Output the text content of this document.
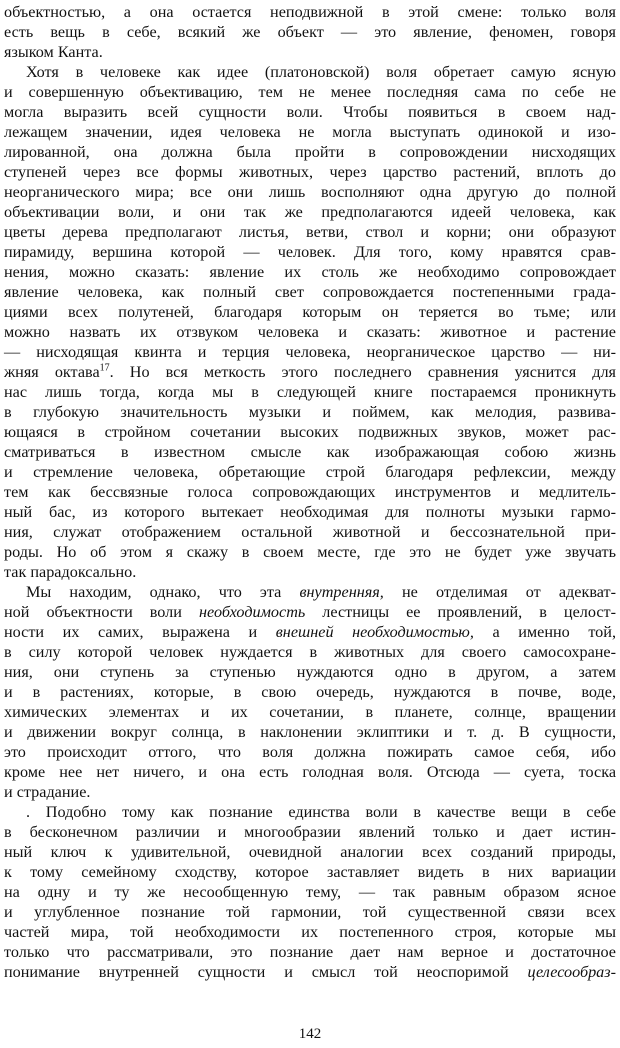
объектностью, а она остается неподвижной в этой смене: только воля
есть вещь в себе, всякий же объект — это явление, феномен, говоря
языком Канта.
Хотя в человеке как идее (платоновской) воля обретает самую ясную
и совершенную объективацию, тем не менее последняя сама по себе не
могла выразить всей сущности воли. Чтобы появиться в своем над-
лежащем значении, идея человека не могла выступать одинокой и изо-
лированной, она должна была пройти в сопровождении нисходящих
ступеней через все формы животных, через царство растений, вплоть до
неорганического мира; все они лишь восполняют одна другую до полной
объективации воли, и они так же предполагаются идеей человека, как
цветы дерева предполагают листья, ветви, ствол и корни; они образуют
пирамиду, вершина которой — человек. Для того, кому нравятся срав-
нения, можно сказать: явление их столь же необходимо сопровождает
явление человека, как полный свет сопровождается постепенными града-
циями всех полутеней, благодаря которым он теряется во тьме; или
можно назвать их отзвуком человека и сказать: животное и растение
— нисходящая квинта и терция человека, неорганическое царство — ни-
жняя октава$^{17}$. Но вся меткость этого последнего сравнения уяснится для
нас лишь тогда, когда мы в следующей книге постараемся проникнуть
в глубокую значительность музыки и поймем, как мелодия, развива-
ющаяся в стройном сочетании высоких подвижных звуков, может рас-
сматриваться в известном смысле как изображающая собою жизнь
и стремление человека, обретающие строй благодаря рефлексии, между
тем как бессвязные голоса сопровождающих инструментов и медлитель-
ный бас, из которого вытекает необходимая для полноты музыки гармо-
ния, служат отображением остальной животной и бессознательной при-
роды. Но об этом я скажу в своем месте, где это не будет уже звучать
так парадоксально.
Мы находим, однако, что эта внутренняя, не отделимая от адекват-
ной объектности воли необходимость лестницы ее проявлений, в целост-
ности их самих, выражена и внешней необходимостью, а именно той,
в силу которой человек нуждается в животных для своего самосохране-
ния, они ступень за ступенью нуждаются одно в другом, а затем
и в растениях, которые, в свою очередь, нуждаются в почве, воде,
химических элементах и их сочетании, в планете, солнце, вращении
и движении вокруг солнца, в наклонении эклиптики и т. д. В сущности,
это происходит оттого, что воля должна пожирать самое себя, ибо
кроме нее нет ничего, и она есть голодная воля. Отсюда — суета, тоска
и страдание.
. Подобно тому как познание единства воли в качестве вещи в себе
в бесконечном различии и многообразии явлений только и дает истин-
ный ключ к удивительной, очевидной аналогии всех созданий природы,
к тому семейному сходству, которое заставляет видеть в них вариации
на одну и ту же несообщенную тему, — так равным образом ясное
и углубленное познание той гармонии, той существенной связи всех
частей мира, той необходимости их постепенного строя, которые мы
только что рассматривали, это познание дает нам верное и достаточное
понимание внутренней сущности и смысл той неоспоримой целесообраз-
142
